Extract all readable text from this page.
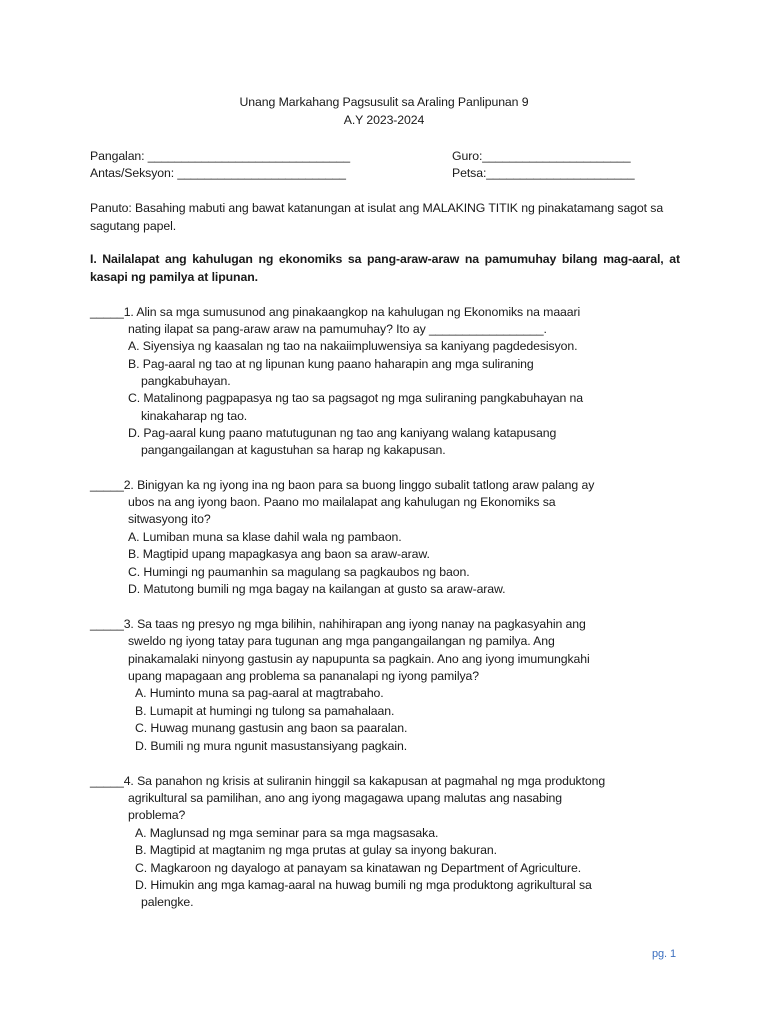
Unang Markahang Pagsusulit sa Araling Panlipunan 9
A.Y 2023-2024
Pangalan: ______________________________	Guro:______________________
Antas/Seksyon: _________________________	Petsa:______________________
Panuto: Basahing mabuti ang bawat katanungan at isulat ang MALAKING TITIK ng pinakatamang sagot sa
sagutang papel.
I. Nailalapat ang kahulugan ng ekonomiks sa pang-araw-araw na pamumuhay bilang mag-aaral, at
kasapi ng pamilya at lipunan.
_____1. Alin sa mga sumusunod ang pinakaangkop na kahulugan ng Ekonomiks na maaari
nating ilapat sa pang-araw araw na pamumuhay? Ito ay _________________.
A. Siyensiya ng kaasalan ng tao na nakaiimpluwensiya sa kaniyang pagdedesisyon.
B. Pag-aaral ng tao at ng lipunan kung paano haharapin ang mga suliraning
pangkabuhayan.
C. Matalinong pagpapasya ng tao sa pagsagot ng mga suliraning pangkabuhayan na
kinakaharap ng tao.
D. Pag-aaral kung paano matutugunan ng tao ang kaniyang walang katapusang
pangangailangan at kagustuhan sa harap ng kakapusan.
_____2. Binigyan ka ng iyong ina ng baon para sa buong linggo subalit tatlong araw palang ay
ubos na ang iyong baon. Paano mo mailalapat ang kahulugan ng Ekonomiks sa
sitwasyong ito?
A. Lumiban muna sa klase dahil wala ng pambaon.
B. Magtipid upang mapagkasya ang baon sa araw-araw.
C. Humingi ng paumanhin sa magulang sa pagkaubos ng baon.
D. Matutong bumili ng mga bagay na kailangan at gusto sa araw-araw.
_____3. Sa taas ng presyo ng mga bilihin, nahihirapan ang iyong nanay na pagkasyahin ang
sweldo ng iyong tatay para tugunan ang mga pangangailangan ng pamilya. Ang
pinakamalaki ninyong gastusin ay napupunta sa pagkain. Ano ang iyong imumungkahi
upang mapagaan ang problema sa pananalapi ng iyong pamilya?
A. Huminto muna sa pag-aaral at magtrabaho.
B. Lumapit at humingi ng tulong sa pamahalaan.
C. Huwag munang gastusin ang baon sa paaralan.
D. Bumili ng mura ngunit masustansiyang pagkain.
_____4. Sa panahon ng krisis at suliranin hinggil sa kakapusan at pagmahal ng mga produktong
agrikultural sa pamilihan, ano ang iyong magagawa upang malutas ang nasabing
problema?
A. Maglunsad ng mga seminar para sa mga magsasaka.
B. Magtipid at magtanim ng mga prutas at gulay sa inyong bakuran.
C. Magkaroon ng dayalogo at panayam sa kinatawan ng Department of Agriculture.
D. Himukin ang mga kamag-aaral na huwag bumili ng mga produktong agrikultural sa
palengke.
pg. 1
